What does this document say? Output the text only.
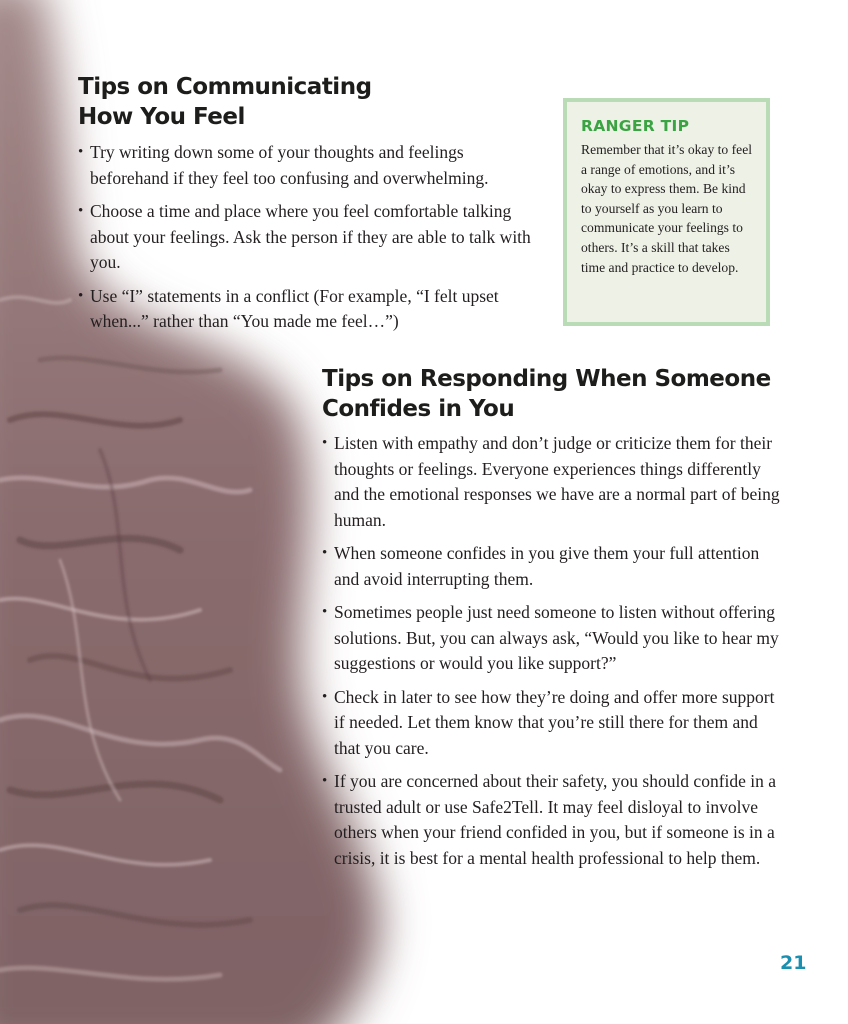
Tips on Communicating
How You Feel
• Try writing down some of your thoughts and feelings beforehand if they feel too confusing and overwhelming.
• Choose a time and place where you feel comfortable talking about your feelings. Ask the person if they are able to talk with you.
• Use “I” statements in a conflict (For example, “I felt upset when...” rather than “You made me feel…”)
RANGER TIP
Remember that it’s okay to feel a range of emotions, and it’s okay to express them. Be kind to yourself as you learn to communicate your feelings to others. It’s a skill that takes time and practice to develop.
Tips on Responding When Someone
Confides in You
• Listen with empathy and don’t judge or criticize them for their thoughts or feelings. Everyone experiences things differently and the emotional responses we have are a normal part of being human.
• When someone confides in you give them your full attention and avoid interrupting them.
• Sometimes people just need someone to listen without offering solutions. But, you can always ask, “Would you like to hear my suggestions or would you like support?”
• Check in later to see how they’re doing and offer more support if needed. Let them know that you’re still there for them and that you care.
• If you are concerned about their safety, you should confide in a trusted adult or use Safe2Tell. It may feel disloyal to involve others when your friend confided in you, but if someone is in a crisis, it is best for a mental health professional to help them.
21
